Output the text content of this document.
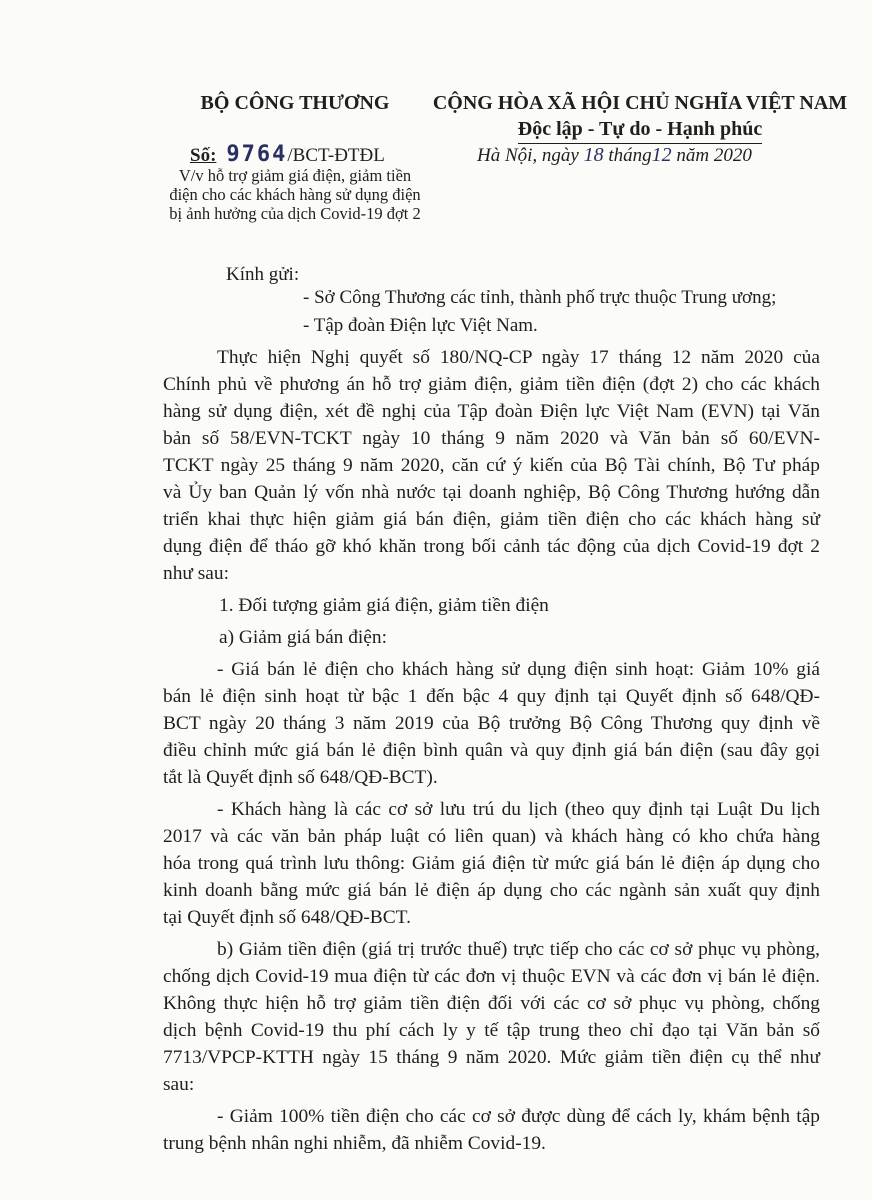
BỘ CÔNG THƯƠNG
Số: 9764/BCT-ĐTĐL
V/v hỗ trợ giảm giá điện, giảm tiền
điện cho các khách hàng sử dụng điện
bị ảnh hưởng của dịch Covid-19 đợt 2
CỘNG HÒA XÃ HỘI CHỦ NGHĨA VIỆT NAM
Độc lập - Tự do - Hạnh phúc
Hà Nội, ngày 18 tháng12 năm 2020
Kính gửi:
- Sở Công Thương các tỉnh, thành phố trực thuộc Trung ương;
- Tập đoàn Điện lực Việt Nam.
Thực hiện Nghị quyết số 180/NQ-CP ngày 17 tháng 12 năm 2020 của
Chính phủ về phương án hỗ trợ giảm điện, giảm tiền điện (đợt 2) cho các khách
hàng sử dụng điện, xét đề nghị của Tập đoàn Điện lực Việt Nam (EVN) tại Văn
bản số 58/EVN-TCKT ngày 10 tháng 9 năm 2020 và Văn bản số 60/EVN-
TCKT ngày 25 tháng 9 năm 2020, căn cứ ý kiến của Bộ Tài chính, Bộ Tư pháp
và Ủy ban Quản lý vốn nhà nước tại doanh nghiệp, Bộ Công Thương hướng dẫn
triển khai thực hiện giảm giá bán điện, giảm tiền điện cho các khách hàng sử
dụng điện để tháo gỡ khó khăn trong bối cảnh tác động của dịch Covid-19 đợt 2
như sau:
1. Đối tượng giảm giá điện, giảm tiền điện
a) Giảm giá bán điện:
- Giá bán lẻ điện cho khách hàng sử dụng điện sinh hoạt: Giảm 10% giá
bán lẻ điện sinh hoạt từ bậc 1 đến bậc 4 quy định tại Quyết định số 648/QĐ-
BCT ngày 20 tháng 3 năm 2019 của Bộ trưởng Bộ Công Thương quy định về
điều chỉnh mức giá bán lẻ điện bình quân và quy định giá bán điện (sau đây gọi
tắt là Quyết định số 648/QĐ-BCT).
- Khách hàng là các cơ sở lưu trú du lịch (theo quy định tại Luật Du lịch
2017 và các văn bản pháp luật có liên quan) và khách hàng có kho chứa hàng
hóa trong quá trình lưu thông: Giảm giá điện từ mức giá bán lẻ điện áp dụng cho
kinh doanh bằng mức giá bán lẻ điện áp dụng cho các ngành sản xuất quy định
tại Quyết định số 648/QĐ-BCT.
b) Giảm tiền điện (giá trị trước thuế) trực tiếp cho các cơ sở phục vụ phòng,
chống dịch Covid-19 mua điện từ các đơn vị thuộc EVN và các đơn vị bán lẻ điện.
Không thực hiện hỗ trợ giảm tiền điện đối với các cơ sở phục vụ phòng, chống
dịch bệnh Covid-19 thu phí cách ly y tế tập trung theo chỉ đạo tại Văn bản số
7713/VPCP-KTTH ngày 15 tháng 9 năm 2020. Mức giảm tiền điện cụ thể như
sau:
- Giảm 100% tiền điện cho các cơ sở được dùng để cách ly, khám bệnh tập
trung bệnh nhân nghi nhiễm, đã nhiễm Covid-19.
